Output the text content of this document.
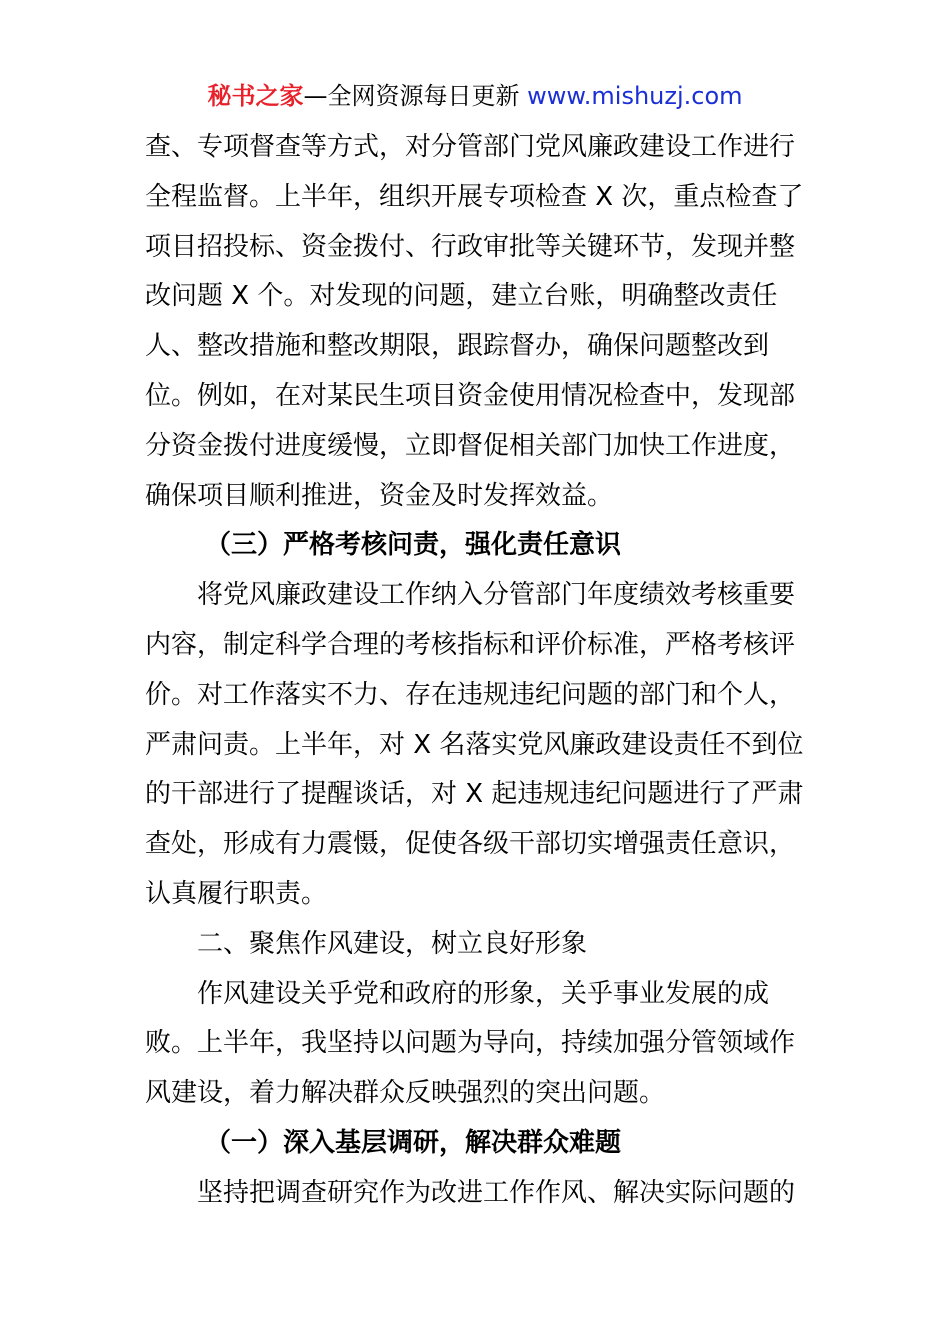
秘书之家—全网资源每日更新 www.mishuzj.com
查、专项督查等方式，对分管部门党风廉政建设工作进行
全程监督。上半年，组织开展专项检查 X 次，重点检查了
项目招投标、资金拨付、行政审批等关键环节，发现并整
改问题 X 个。对发现的问题，建立台账，明确整改责任
人、整改措施和整改期限，跟踪督办，确保问题整改到
位。例如，在对某民生项目资金使用情况检查中，发现部
分资金拨付进度缓慢，立即督促相关部门加快工作进度，
确保项目顺利推进，资金及时发挥效益。
（三）严格考核问责，强化责任意识
将党风廉政建设工作纳入分管部门年度绩效考核重要
内容，制定科学合理的考核指标和评价标准，严格考核评
价。对工作落实不力、存在违规违纪问题的部门和个人，
严肃问责。上半年，对 X 名落实党风廉政建设责任不到位
的干部进行了提醒谈话，对 X 起违规违纪问题进行了严肃
查处，形成有力震慑，促使各级干部切实增强责任意识，
认真履行职责。
二、聚焦作风建设，树立良好形象
作风建设关乎党和政府的形象，关乎事业发展的成
败。上半年，我坚持以问题为导向，持续加强分管领域作
风建设，着力解决群众反映强烈的突出问题。
（一）深入基层调研，解决群众难题
坚持把调查研究作为改进工作作风、解决实际问题的
